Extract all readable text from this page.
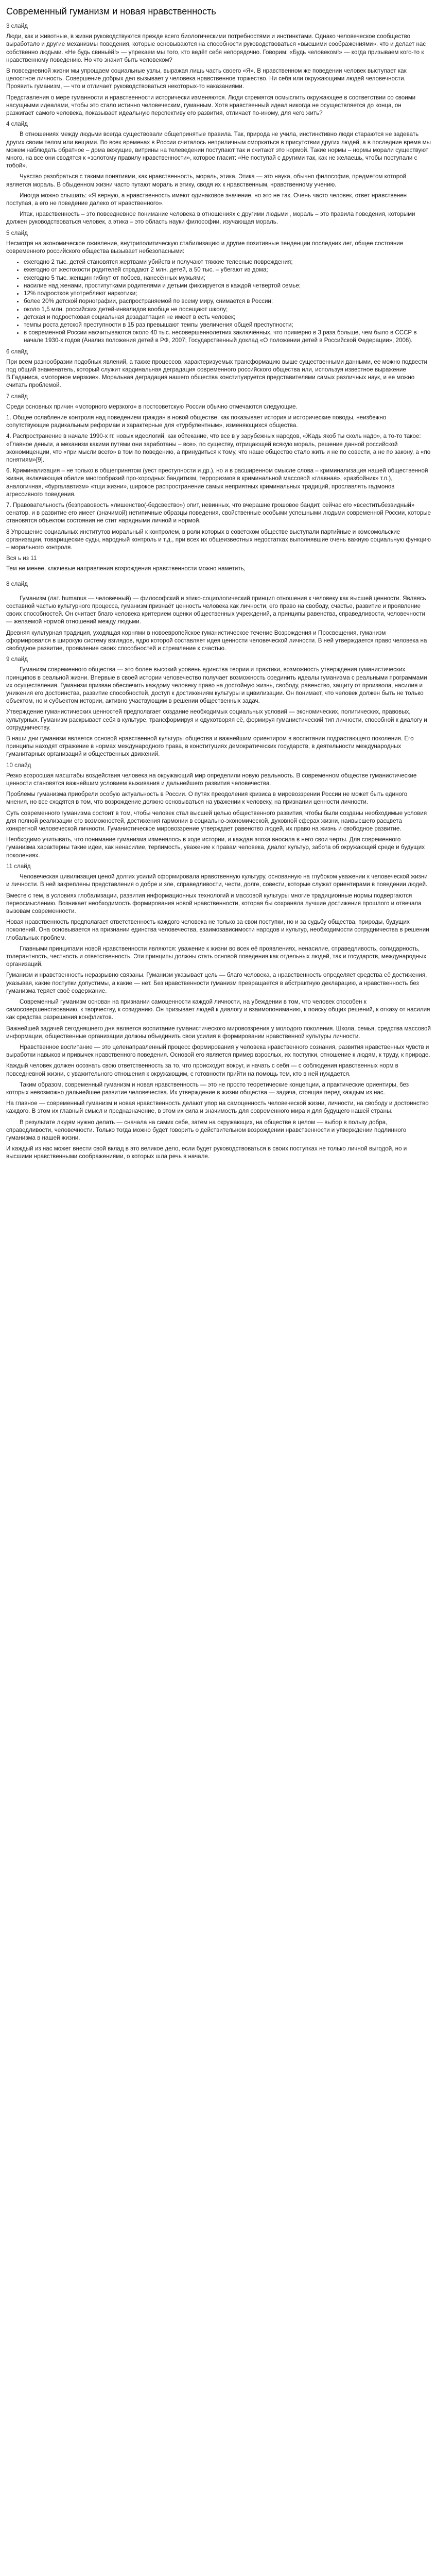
Современный гуманизм и новая нравственность
3 слайд
Люди, как и животные, в жизни руководствуются прежде всего биологическими потребностями и инстинктами. Однако человеческое сообщество выработало и другие механизмы поведения, которые основываются на способности руководствоваться «высшими соображениями», что и делает нас собственно людьми. «Не будь свиньёй!» — упрекаем мы того, кто ведёт себя непорядочно. Говорим: «Будь человеком!» — когда призываем кого-то к нравственному поведению. Но что значит быть человеком?
В повседневной жизни мы упрощаем социальные узлы, выражая лишь часть своего «Я». В нравственном же поведении человек выступает как целостное личность. Совершение добрых дел вызывает у человека нравственное торжество. Ни себя или окружающими людей человечности. Проявить гуманизм, — что и отличает руководствоваться некоторых-то наказаниями.
Представления о мере гуманности и нравственности исторически изменяются. Люди стремятся осмыслить окружающее в соответствии со своими насущными идеалами, чтобы это стало истинно человеческим, гуманным. Хотя нравственный идеал никогда не осуществляется до конца, он разжигает самого человека, показывает идеальную перспективу его развития, отличает по-иному, для чего жить?
4 слайд
В отношениях между людьми всегда существовали общепринятые правила. Так, природа не учила, инстинктивно люди стараются не задевать других своим телом или вещами. Во всех временах в России считалось неприличным сморкаться в присутствии других людей, а в последние время мы можем наблюдать обратное – дома вежущие, витрины на телеведении поступают так и считают это нормой. Такие нормы – нормы морали существуют много, на все они сводятся к «золотому правилу нравственности», которое гласит: «Не поступай с другими так, как не желаешь, чтобы поступали с тобой».
Чувство разобраться с такими понятиями, как нравственность, мораль, этика. Этика — это наука, обычно философия, предметом которой является мораль. В обыденном жизни часто путают мораль и этику, сводя их к нравственным, нравственному учению.
Иногда можно слышать: «Я верную, а нравственность имеют одинаковое значение, но это не так. Очень часто человек, ответ нравственен поступая, а его не поведение далеко от нравственного».
Итак, нравственность – это повседневное понимание человека в отношениях с другими людьми , мораль – это правила поведения, которыми должен руководствоваться человек, а этика – это область науки философии, изучающая мораль.
5 слайд
Несмотря на экономическое оживление, внутриполитическую стабилизацию и другие позитивные тенденции последних лет, общее состояние современного российского общества вызывает небезопасными:
• ежегодно 2 тыс. детей становятся жертвами убийств и получают тяжкие телесные повреждения;
• ежегодно от жестокости родителей страдают 2 млн. детей, а 50 тыс. – убегают из дома;
• ежегодно 5 тыс. женщин гибнут от побоев, нанесённых мужьями;
• насилие над женами, проститутками родителями и детьми фиксируется в каждой четвертой семье;
• 12% подростков употребляют наркотики;
• более 20% детской порнографии, распространяемой по всему миру, снимается в России;
• около 1,5 млн. российских детей-инвалидов вообще не посещают школу;
• детская и подростковая социальная дезадаптация не имеет в есть человек;
• темпы роста детской преступности в 15 раз превышают темпы увеличения общей преступности;
• в современной России насчитываются около 40 тыс. несовершеннолетних заключённых, что примерно в 3 раза больше, чем было в СССР в начале 1930-х годов (Анализ положения детей в РФ, 2007; Государственный доклад «О положении детей в Российской Федерации», 2006).
6 слайд
При всем разнообразии подобных явлений, а также процессов, характеризуемых трансформацию выше существенными данными, ее можно подвести под общий знаменатель, который служит кардинальная деградация современного российского общества или, используя известное выражение В.Гаданиса, «моторное мерзкие». Моральная деградация нашего общества конституируется представителями самых различных наук, и ее можно считать проблемой.
7 слайд
Среди основных причин «моторного мерзкого» в постсоветскую России обычно отмечаются следующие.
1. Общее ослабление контроля над поведением граждан в новой обществе, как показывает история и исторические поводы, неизбежно сопутствующие радикальным реформам и характерные для «турбулентным», изменяющихся общества.
4. Распространение в начале 1990-х гг. новых идеологий, как обтекание, что все в у зарубежных народов, «Жадь якоб ты сколь надо», а то-то такое: «Главное деньги, а механизм какими путями они заработаны – все», по существу, отрицающей всякую мораль, решение данной российской экономиценции, что «при мысли всего» в том по поведению, а принудиться к тому, что наше общество стало жить и не по совести, а не по закону, а «по понятиям»[9].
6. Криминализация – не только в общепринятом (уест преступности и др.), но и в расширенном смысле слова – криминализация нашей общественной жизни, включающая обилие многообразий про-хородных бандитизм, терроризмов в криминальной массовой «главная», «разбойник» т.п.), аналогичная, «бургалавтизм» «тщи жизни», широкое распространение самых неприятных криминальных традиций, прославлять гадмонов агрессивного поведения.
7. Правовательность (безправовость «лишенство(-бедсвество») опит, невинных, что вчерашне грошовое бандит, сейчас его «всеститьбезвидный» сенатор, и в развитие его имеет (значимой) нетипичные образцы поведения, свойственные особыми успешными людьми современной России, которые становятся объектом состояния не стит нарядными личной и нормой.
8 Упрощение социальных институтов моральный к контролем, в роли которых в советском обществе выступали партийные и комсомольские организации, товарищеские суды, народный контроль и т.д., при всех их общеизвестных недостатках выполнявшие очень важную социальную функцию – морального контроля.
Вся ь из 11
Тем не менее, ключевые направления возрождения нравственности можно наметить,
8 слайд
Гуманизм (лат. humanus — человечный) — философский и этико-социологический принцип отношения к человеку как высшей ценности. Являясь составной частью культурного процесса, гуманизм признаёт ценность человека как личности, его право на свободу, счастье, развитие и проявление своих способностей. Он считает благо человека критерием оценки общественных учреждений, а принципы равенства, справедливости, человечности — желаемой нормой отношений между людьми.
Древняя культурная традиция, уходящая корнями в новоевропейское гуманистическое течение Возрождения и Просвещения, гуманизм сформировался в широкую систему взглядов, ядро которой составляет идея ценности человеческой личности. В ней утверждается право человека на свободное развитие, проявление своих способностей и стремление к счастью.
9 слайд
Гуманизм современного общества — это более высокий уровень единства теории и практики, возможность утверждения гуманистических принципов в реальной жизни. Впервые в своей истории человечество получает возможность соединить идеалы гуманизма с реальными программами их осуществления. Гуманизм призван обеспечить каждому человеку право на достойную жизнь, свободу, равенство, защиту от произвола, насилия и унижения его достоинства, развитие способностей, доступ к достижениям культуры и цивилизации. Он понимает, что человек должен быть не только объектом, но и субъектом истории, активно участвующим в решении общественных задач.
Утверждение гуманистических ценностей предполагает создание необходимых социальных условий — экономических, политических, правовых, культурных. Гуманизм раскрывает себя в культуре, трансформируя и одухотворяя её, формируя гуманистический тип личности, способной к диалогу и сотрудничеству.
В наши дни гуманизм является основой нравственной культуры общества и важнейшим ориентиром в воспитании подрастающего поколения. Его принципы находят отражение в нормах международного права, в конституциях демократических государств, в деятельности международных гуманитарных организаций и общественных движений.
10 слайд
Резко возросшая масштабы воздействия человека на окружающий мир определили новую реальность. В современном обществе гуманистические ценности становятся важнейшим условием выживания и дальнейшего развития человечества.
Проблемы гуманизма приобрели особую актуальность в России. О путях преодоления кризиса в мировоззрении России не может быть единого мнения, но все сходятся в том, что возрождение должно основываться на уважении к человеку, на признании ценности личности.
Суть современного гуманизма состоит в том, чтобы человек стал высшей целью общественного развития, чтобы были созданы необходимые условия для полной реализации его возможностей, достижения гармонии в социально-экономической, духовной сферах жизни, наивысшего расцвета конкретной человеческой личности. Гуманистическое мировоззрение утверждает равенство людей, их право на жизнь и свободное развитие.
Необходимо учитывать, что понимание гуманизма изменялось в ходе истории, и каждая эпоха вносила в него свои черты. Для современного гуманизма характерны такие идеи, как ненасилие, терпимость, уважение к правам человека, диалог культур, забота об окружающей среде и будущих поколениях.
11 слайд
Человеческая цивилизация ценой долгих усилий сформировала нравственную культуру, основанную на глубоком уважении к человеческой жизни и личности. В ней закреплены представления о добре и зле, справедливости, чести, долге, совести, которые служат ориентирами в поведении людей.
Вместе с тем, в условиях глобализации, развития информационных технологий и массовой культуры многие традиционные нормы подвергаются переосмыслению. Возникает необходимость формирования новой нравственности, которая бы сохраняла лучшие достижения прошлого и отвечала вызовам современности.
Новая нравственность предполагает ответственность каждого человека не только за свои поступки, но и за судьбу общества, природы, будущих поколений. Она основывается на признании единства человечества, взаимозависимости народов и культур, необходимости сотрудничества в решении глобальных проблем.
Главными принципами новой нравственности являются: уважение к жизни во всех её проявлениях, ненасилие, справедливость, солидарность, толерантность, честность и ответственность. Эти принципы должны стать основой поведения как отдельных людей, так и государств, международных организаций.
Гуманизм и нравственность неразрывно связаны. Гуманизм указывает цель — благо человека, а нравственность определяет средства её достижения, указывая, какие поступки допустимы, а какие — нет. Без нравственности гуманизм превращается в абстрактную декларацию, а нравственность без гуманизма теряет своё содержание.
Современный гуманизм основан на признании самоценности каждой личности, на убеждении в том, что человек способен к самосовершенствованию, к творчеству, к созиданию. Он призывает людей к диалогу и взаимопониманию, к поиску общих решений, к отказу от насилия как средства разрешения конфликтов.
Важнейшей задачей сегодняшнего дня является воспитание гуманистического мировоззрения у молодого поколения. Школа, семья, средства массовой информации, общественные организации должны объединить свои усилия в формировании нравственной культуры личности.
Нравственное воспитание — это целенаправленный процесс формирования у человека нравственного сознания, развития нравственных чувств и выработки навыков и привычек нравственного поведения. Основой его является пример взрослых, их поступки, отношение к людям, к труду, к природе.
Каждый человек должен осознать свою ответственность за то, что происходит вокруг, и начать с себя — с соблюдения нравственных норм в повседневной жизни, с уважительного отношения к окружающим, с готовности прийти на помощь тем, кто в ней нуждается.
Таким образом, современный гуманизм и новая нравственность — это не просто теоретические концепции, а практические ориентиры, без которых невозможно дальнейшее развитие человечества. Их утверждение в жизни общества — задача, стоящая перед каждым из нас.
На главное — современный гуманизм и новая нравственность делают упор на самоценность человеческой жизни, личности, на свободу и достоинство каждого. В этом их главный смысл и предназначение, в этом их сила и значимость для современного мира и для будущего нашей страны.
В результате людям нужно делать — сначала на самих себе, затем на окружающих, на обществе в целом — выбор в пользу добра, справедливости, человечности. Только тогда можно будет говорить о действительном возрождении нравственности и утверждении подлинного гуманизма в нашей жизни.
И каждый из нас может внести свой вклад в это великое дело, если будет руководствоваться в своих поступках не только личной выгодой, но и высшими нравственными соображениями, о которых шла речь в начале.
